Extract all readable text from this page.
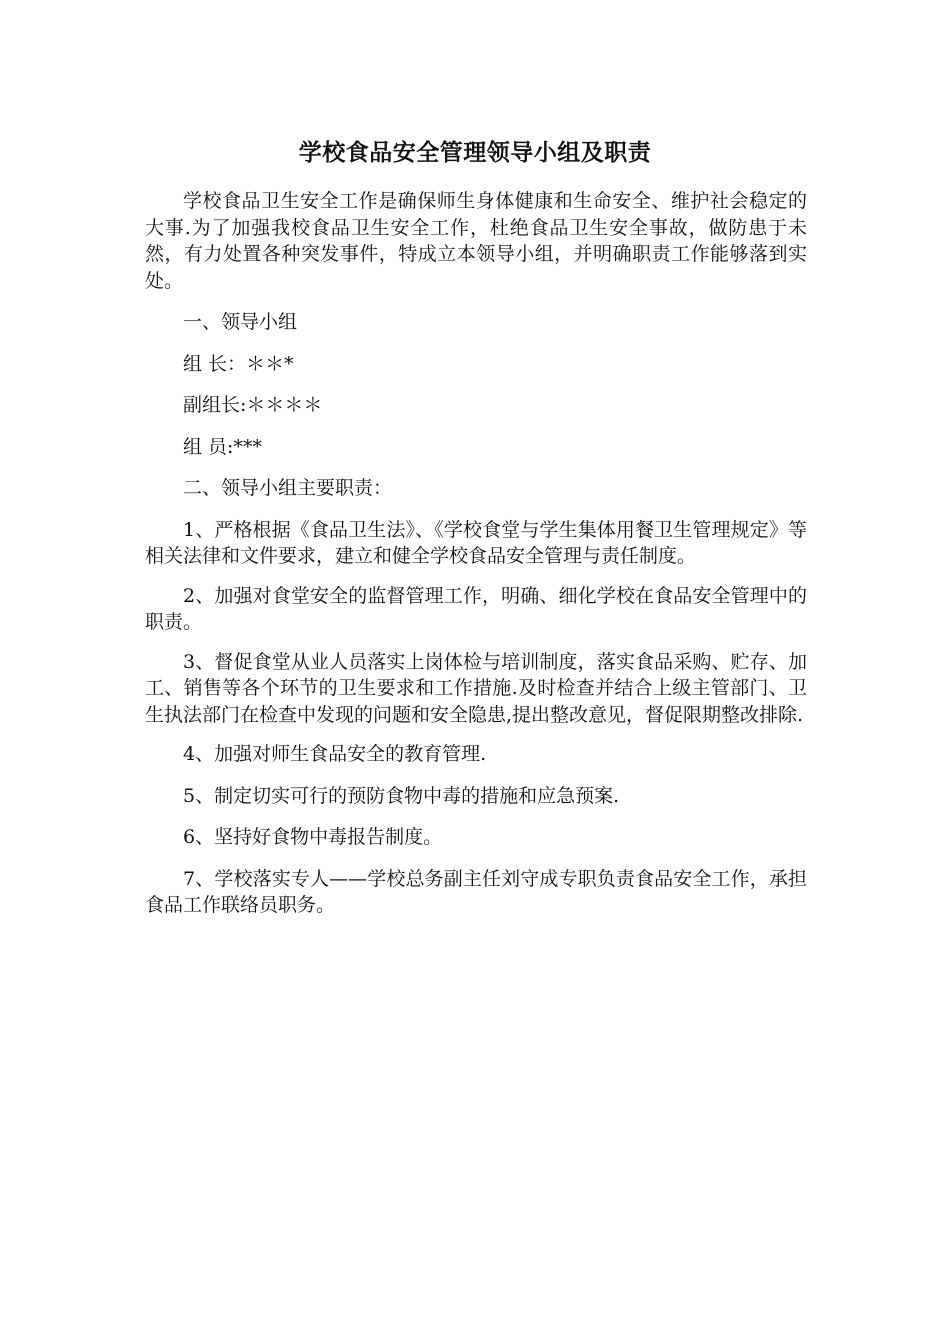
学校食品安全管理领导小组及职责

学校食品卫生安全工作是确保师生身体健康和生命安全、维护社会稳定的大事.为了加强我校食品卫生安全工作，杜绝食品卫生安全事故，做防患于未然，有力处置各种突发事件，特成立本领导小组，并明确职责工作能够落到实处。

一、领导小组

组 长：＊＊*

副组长:＊＊＊＊

组 员:***

二、领导小组主要职责：

1、严格根据《食品卫生法》、《学校食堂与学生集体用餐卫生管理规定》等相关法律和文件要求，建立和健全学校食品安全管理与责任制度。

2、加强对食堂安全的监督管理工作，明确、细化学校在食品安全管理中的职责。

3、督促食堂从业人员落实上岗体检与培训制度，落实食品采购、贮存、加工、销售等各个环节的卫生要求和工作措施.及时检查并结合上级主管部门、卫生执法部门在检查中发现的问题和安全隐患,提出整改意见，督促限期整改排除.

4、加强对师生食品安全的教育管理.

5、制定切实可行的预防食物中毒的措施和应急预案.

6、坚持好食物中毒报告制度。

7、学校落实专人——学校总务副主任刘守成专职负责食品安全工作，承担食品工作联络员职务。
